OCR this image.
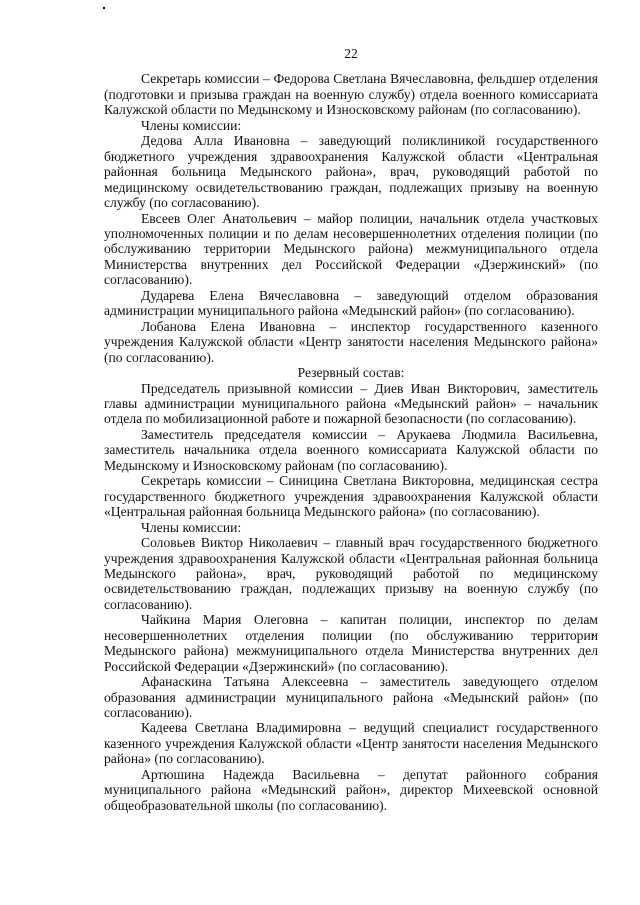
22

Секретарь комиссии – Федорова Светлана Вячеславовна, фельдшер отделения (подготовки и призыва граждан на военную службу) отдела военного комиссариата Калужской области по Медынскому и Износковскому районам (по согласованию).

Члены комиссии:

Дедова Алла Ивановна – заведующий поликлиникой государственного бюджетного учреждения здравоохранения Калужской области «Центральная районная больница Медынского района», врач, руководящий работой по медицинскому освидетельствованию граждан, подлежащих призыву на военную службу (по согласованию).

Евсеев Олег Анатольевич – майор полиции, начальник отдела участковых уполномоченных полиции и по делам несовершеннолетних отделения полиции (по обслуживанию территории Медынского района) межмуниципального отдела Министерства внутренних дел Российской Федерации «Дзержинский» (по согласованию).

Дударева Елена Вячеславовна – заведующий отделом образования администрации муниципального района «Медынский район» (по согласованию).

Лобанова Елена Ивановна – инспектор государственного казенного учреждения Калужской области «Центр занятости населения Медынского района» (по согласованию).

Резервный состав:

Председатель призывной комиссии – Диев Иван Викторович, заместитель главы администрации муниципального района «Медынский район» – начальник отдела по мобилизационной работе и пожарной безопасности (по согласованию).

Заместитель председателя комиссии – Арукаева Людмила Васильевна, заместитель начальника отдела военного комиссариата Калужской области по Медынскому и Износковскому районам (по согласованию).

Секретарь комиссии – Синицина Светлана Викторовна, медицинская сестра государственного бюджетного учреждения здравоохранения Калужской области «Центральная районная больница Медынского района» (по согласованию).

Члены комиссии:

Соловьев Виктор Николаевич – главный врач государственного бюджетного учреждения здравоохранения Калужской области «Центральная районная больница Медынского района», врач, руководящий работой по медицинскому освидетельствованию граждан, подлежащих призыву на военную службу (по согласованию).

Чайкина Мария Олеговна – капитан полиции, инспектор по делам несовершеннолетних отделения полиции (по обслуживанию территории Медынского района) межмуниципального отдела Министерства внутренних дел Российской Федерации «Дзержинский» (по согласованию).

Афанаскина Татьяна Алексеевна – заместитель заведующего отделом образования администрации муниципального района «Медынский район» (по согласованию).

Кадеева Светлана Владимировна – ведущий специалист государственного казенного учреждения Калужской области «Центр занятости населения Медынского района» (по согласованию).

Артюшина Надежда Васильевна – депутат районного собрания муниципального района «Медынский район», директор Михеевской основной общеобразовательной школы (по согласованию).
